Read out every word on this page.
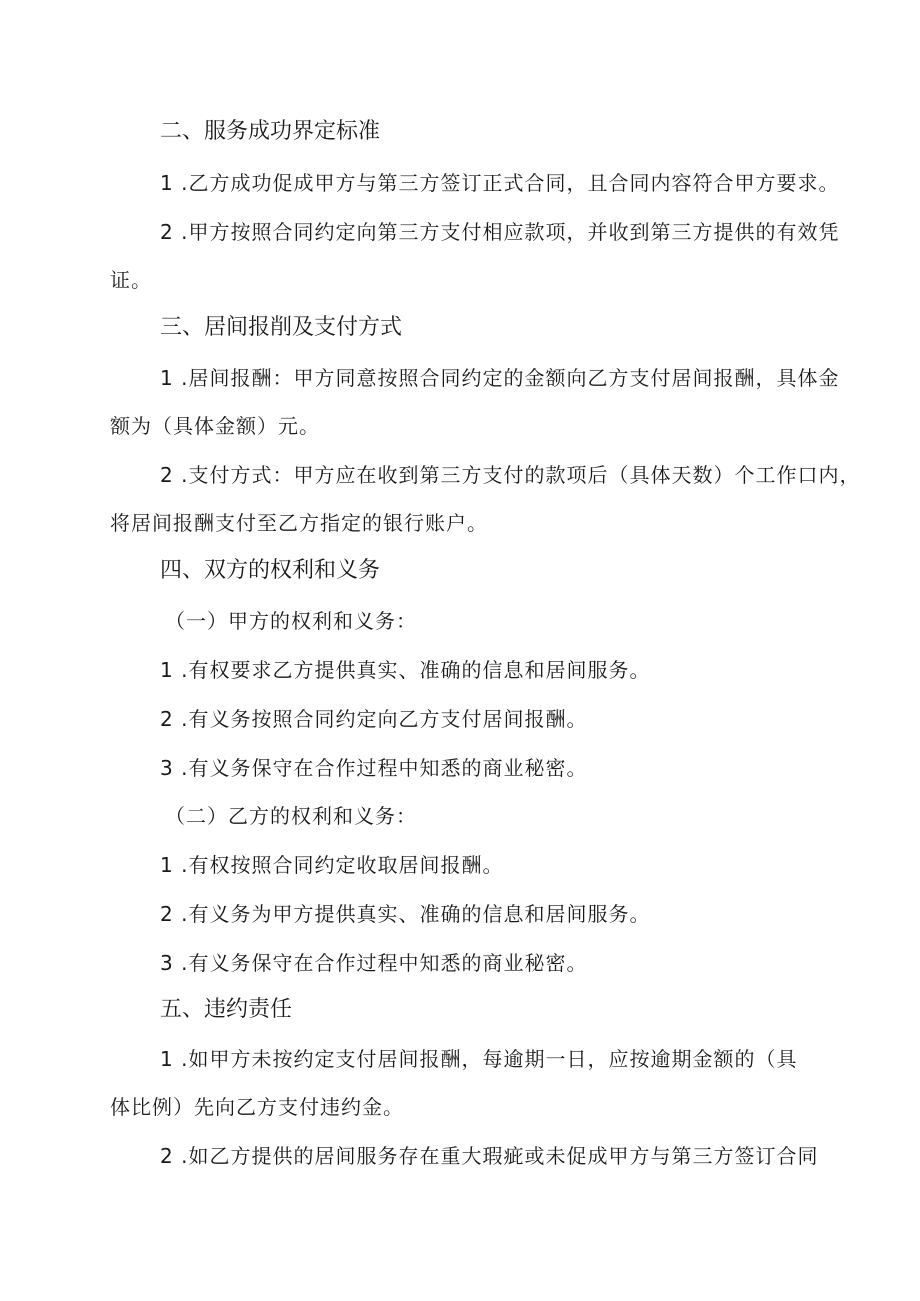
二、服务成功界定标准
1 .乙方成功促成甲方与第三方签订正式合同，且合同内容符合甲方要求。
2 .甲方按照合同约定向第三方支付相应款项，并收到第三方提供的有效凭
证。
三、居间报削及支付方式
1 .居间报酬：甲方同意按照合同约定的金额向乙方支付居间报酬，具体金
额为（具体金额）元。
2 .支付方式：甲方应在收到第三方支付的款项后（具体天数）个工作口内，
将居间报酬支付至乙方指定的银行账户。
四、双方的权利和义务
（一）甲方的权利和义务：
1 .有权要求乙方提供真实、准确的信息和居间服务。
2 .有义务按照合同约定向乙方支付居间报酬。
3 .有义务保守在合作过程中知悉的商业秘密。
（二）乙方的权利和义务：
1 .有权按照合同约定收取居间报酬。
2 .有义务为甲方提供真实、准确的信息和居间服务。
3 .有义务保守在合作过程中知悉的商业秘密。
五、违约责任
1 .如甲方未按约定支付居间报酬，每逾期一日，应按逾期金额的（具
体比例）先向乙方支付违约金。
2 .如乙方提供的居间服务存在重大瑕疵或未促成甲方与第三方签订合同
